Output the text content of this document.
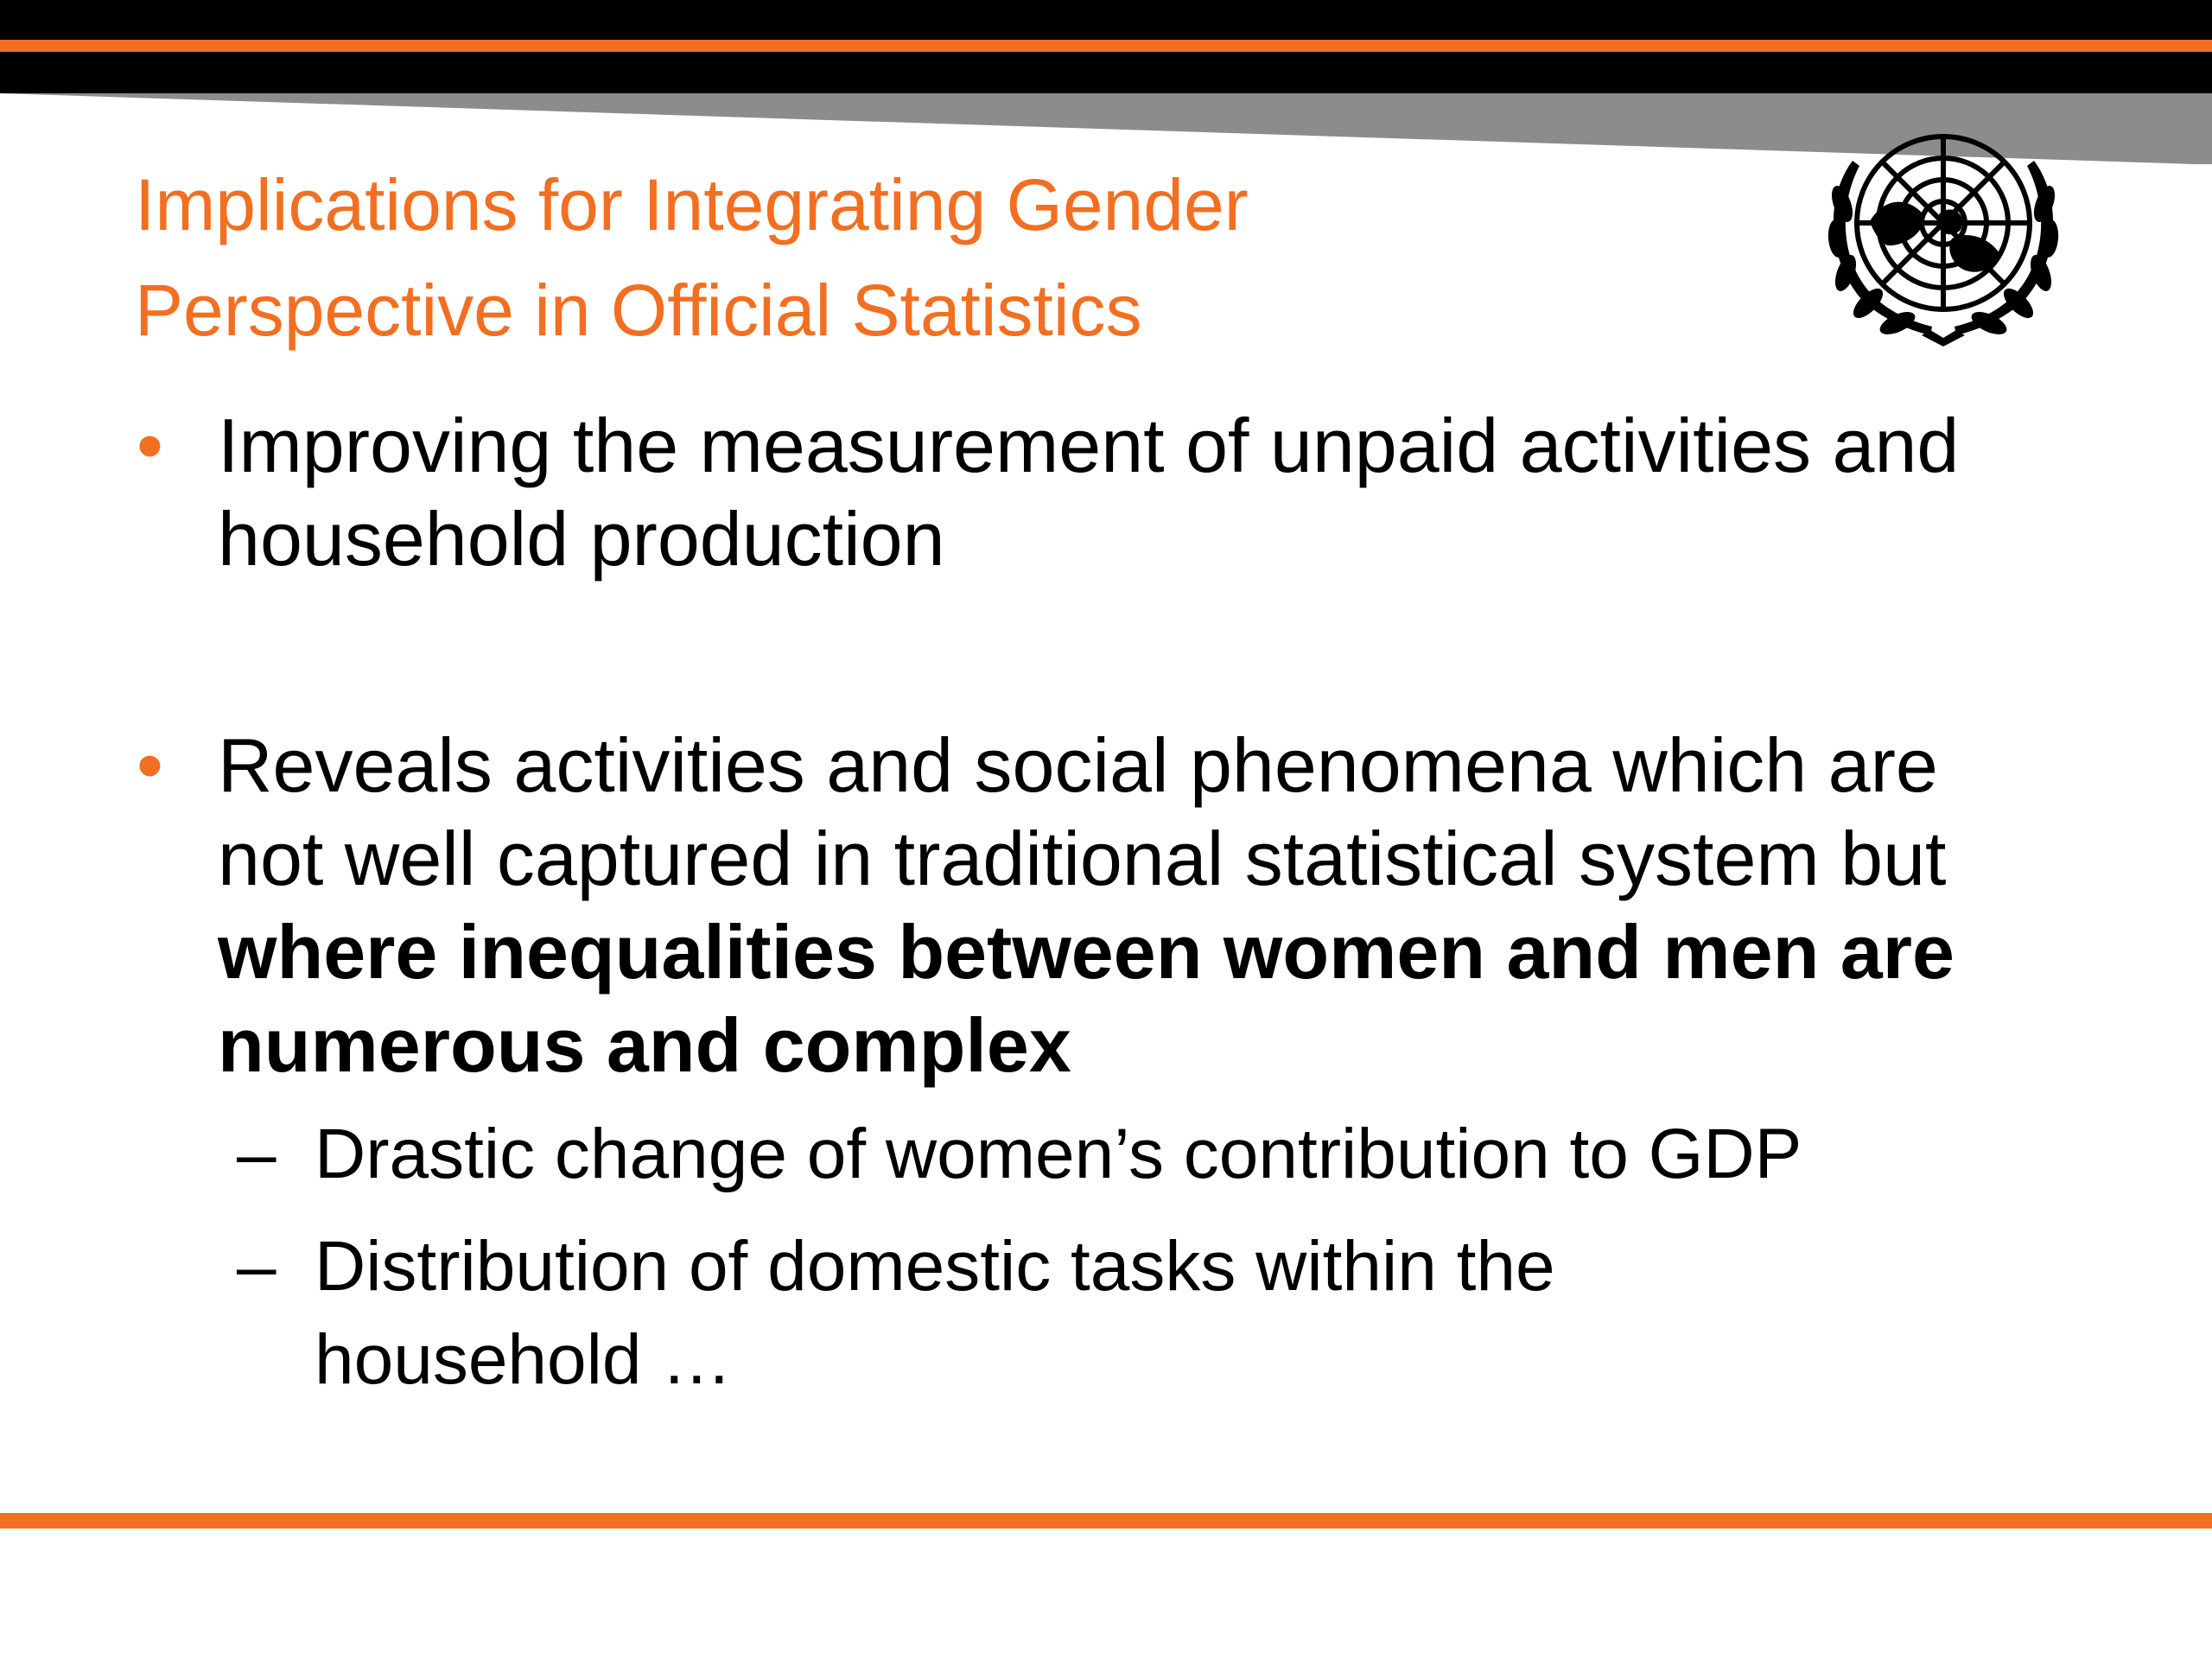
Implications for Integrating Gender
Perspective in Official Statistics
• Improving the measurement of unpaid activities and
household production
• Reveals activities and social phenomena which are
not well captured in traditional statistical system but
where inequalities between women and men are
numerous and complex
– Drastic change of women’s contribution to GDP
– Distribution of domestic tasks within the
household …
